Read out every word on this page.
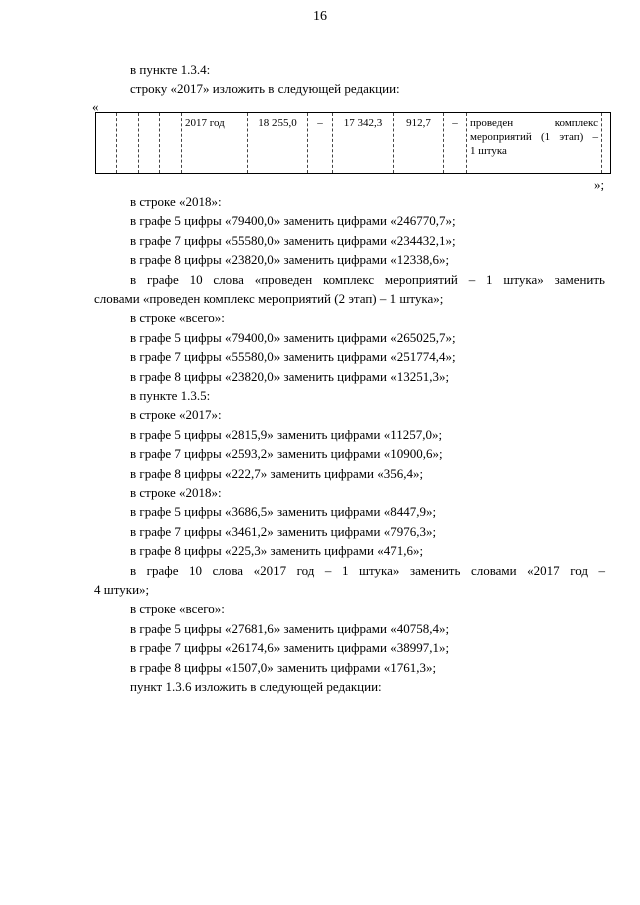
16
в пункте 1.3.4:
строку «2017» изложить в следующей редакции:
«
				2017 год	18 255,0	–	17 342,3	912,7	–	проведен комплекс
мероприятий (1 этап) –
1 штука

»;
в строке «2018»:
в графе 5 цифры «79400,0» заменить цифрами «246770,7»;
в графе 7 цифры «55580,0» заменить цифрами «234432,1»;
в графе 8 цифры «23820,0» заменить цифрами «12338,6»;
в графе 10 слова «проведен комплекс мероприятий – 1 штука» заменить
словами «проведен комплекс мероприятий (2 этап) – 1 штука»;
в строке «всего»:
в графе 5 цифры «79400,0» заменить цифрами «265025,7»;
в графе 7 цифры «55580,0» заменить цифрами «251774,4»;
в графе 8 цифры «23820,0» заменить цифрами «13251,3»;
в пункте 1.3.5:
в строке «2017»:
в графе 5 цифры «2815,9» заменить цифрами «11257,0»;
в графе 7 цифры «2593,2» заменить цифрами «10900,6»;
в графе 8 цифры «222,7» заменить цифрами «356,4»;
в строке «2018»:
в графе 5 цифры «3686,5» заменить цифрами «8447,9»;
в графе 7 цифры «3461,2» заменить цифрами «7976,3»;
в графе 8 цифры «225,3» заменить цифрами «471,6»;
в графе 10 слова «2017 год – 1 штука» заменить словами «2017 год –
4 штуки»;
в строке «всего»:
в графе 5 цифры «27681,6» заменить цифрами «40758,4»;
в графе 7 цифры «26174,6» заменить цифрами «38997,1»;
в графе 8 цифры «1507,0» заменить цифрами «1761,3»;
пункт 1.3.6 изложить в следующей редакции:
